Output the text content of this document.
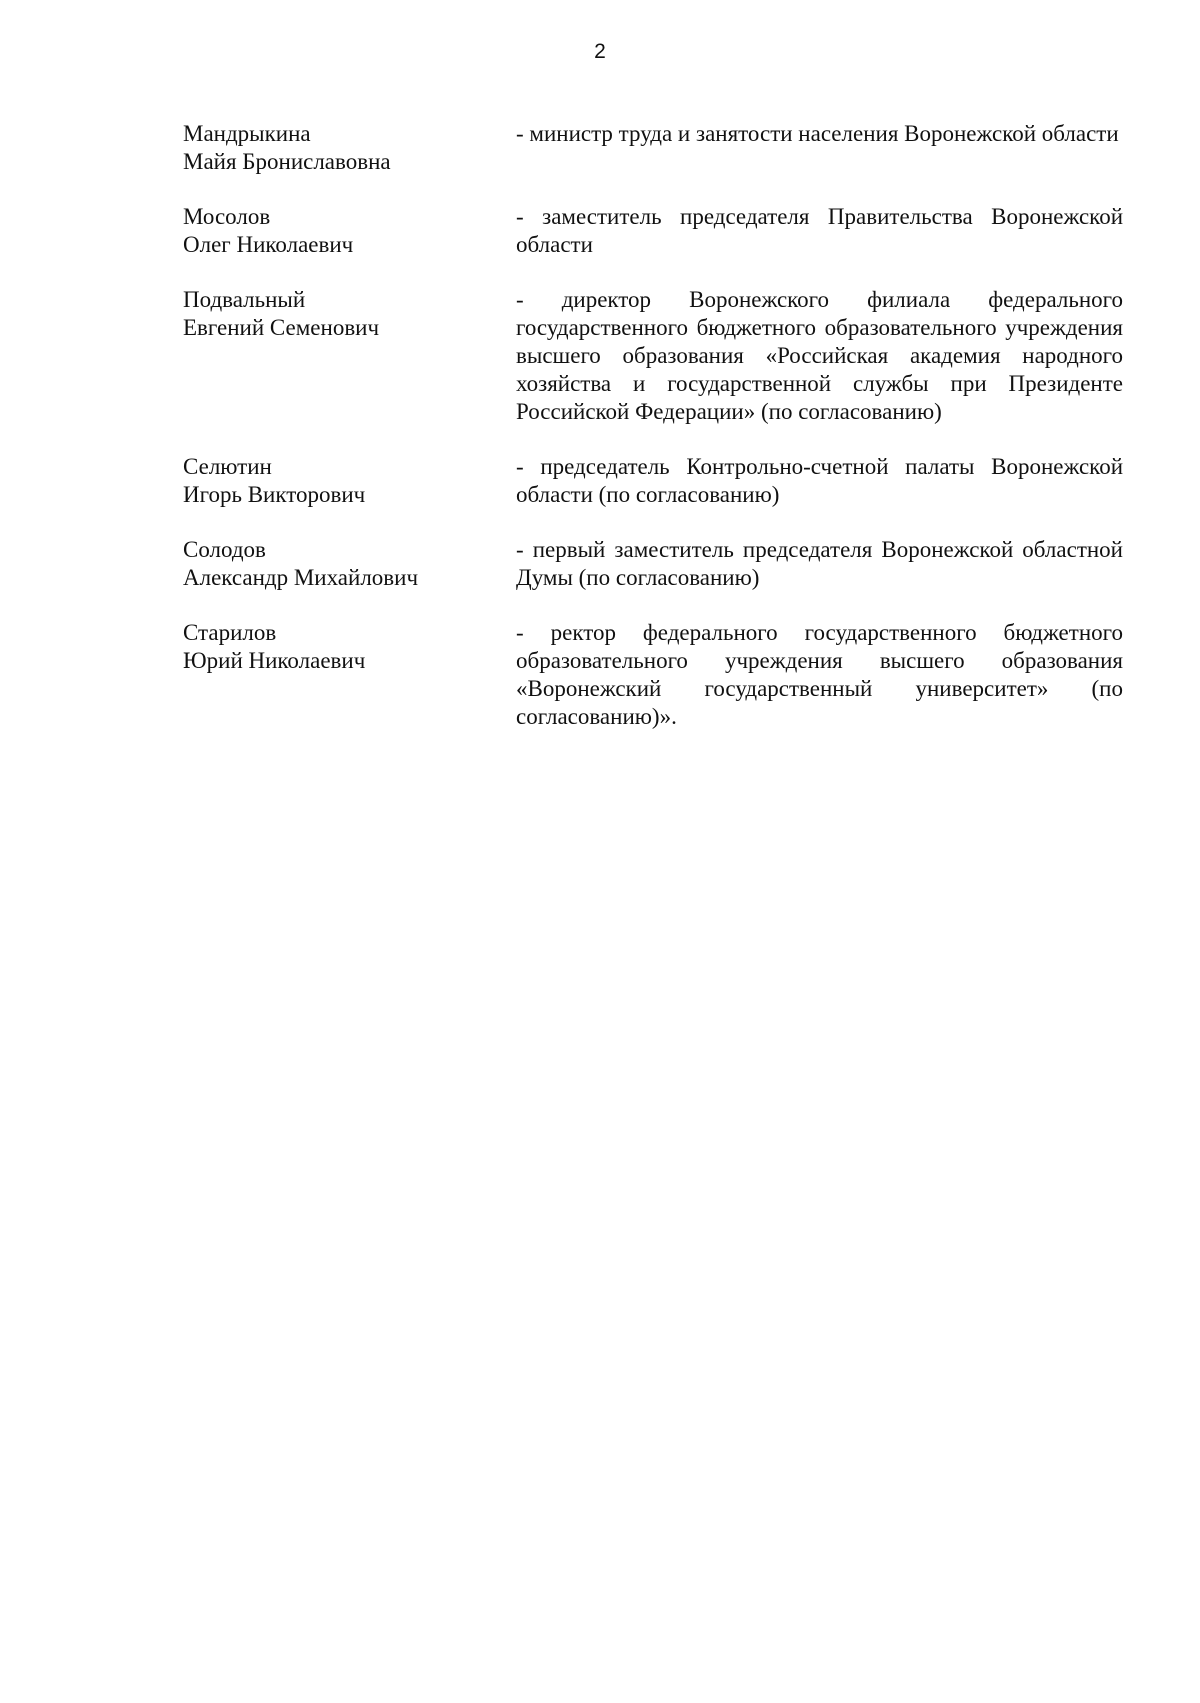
2
Мандрыкина
Майя Брониславовна
- министр труда и занятости населения Воронежской области
Мосолов
Олег Николаевич
- заместитель председателя Правительства Воронежской области
Подвальный
Евгений Семенович
- директор Воронежского филиала федерального государственного бюджетного образовательного учреждения высшего образования «Российская академия народного хозяйства и государственной службы при Президенте Российской Федерации» (по согласованию)
Селютин
Игорь Викторович
- председатель Контрольно-счетной палаты Воронежской области (по согласованию)
Солодов
Александр Михайлович
- первый заместитель председателя Воронежской областной Думы (по согласованию)
Старилов
Юрий Николаевич
- ректор федерального государственного бюджетного образовательного учреждения высшего образования «Воронежский государственный университет» (по согласованию)».
